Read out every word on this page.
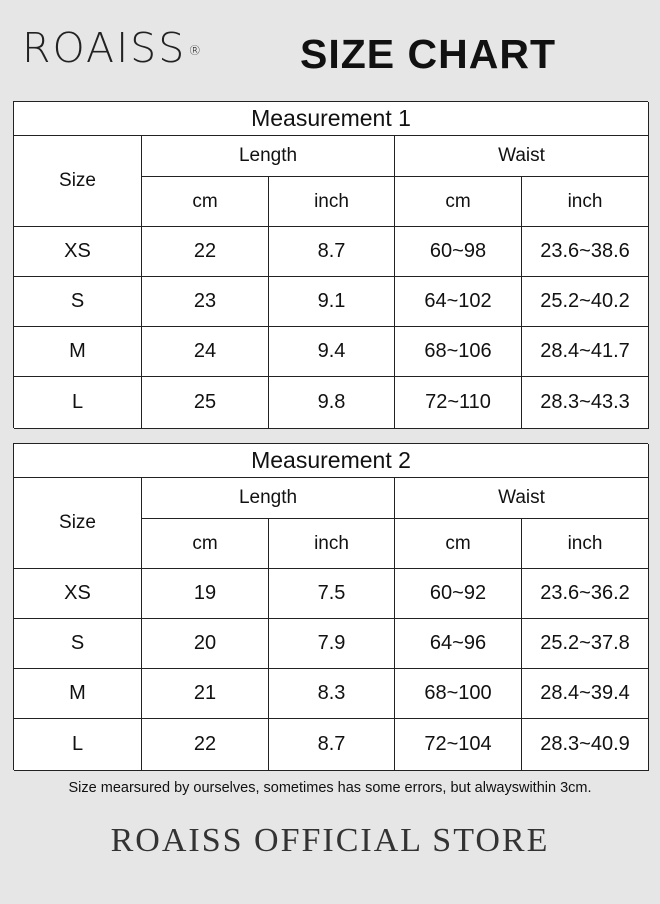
ROAISS ® SIZE CHART
Measurement 1
Size
Length	Waist
cm	inch	cm	inch
XS	22	8.7	60~98	23.6~38.6
S	23	9.1	64~102	25.2~40.2
M	24	9.4	68~106	28.4~41.7
L	25	9.8	72~110	28.3~43.3
Measurement 2
Size
Length	Waist
cm	inch	cm	inch
XS	19	7.5	60~92	23.6~36.2
S	20	7.9	64~96	25.2~37.8
M	21	8.3	68~100	28.4~39.4
L	22	8.7	72~104	28.3~40.9
Size mearsured by ourselves, sometimes has some errors, but alwayswithin 3cm.
ROAISS OFFICIAL STORE
